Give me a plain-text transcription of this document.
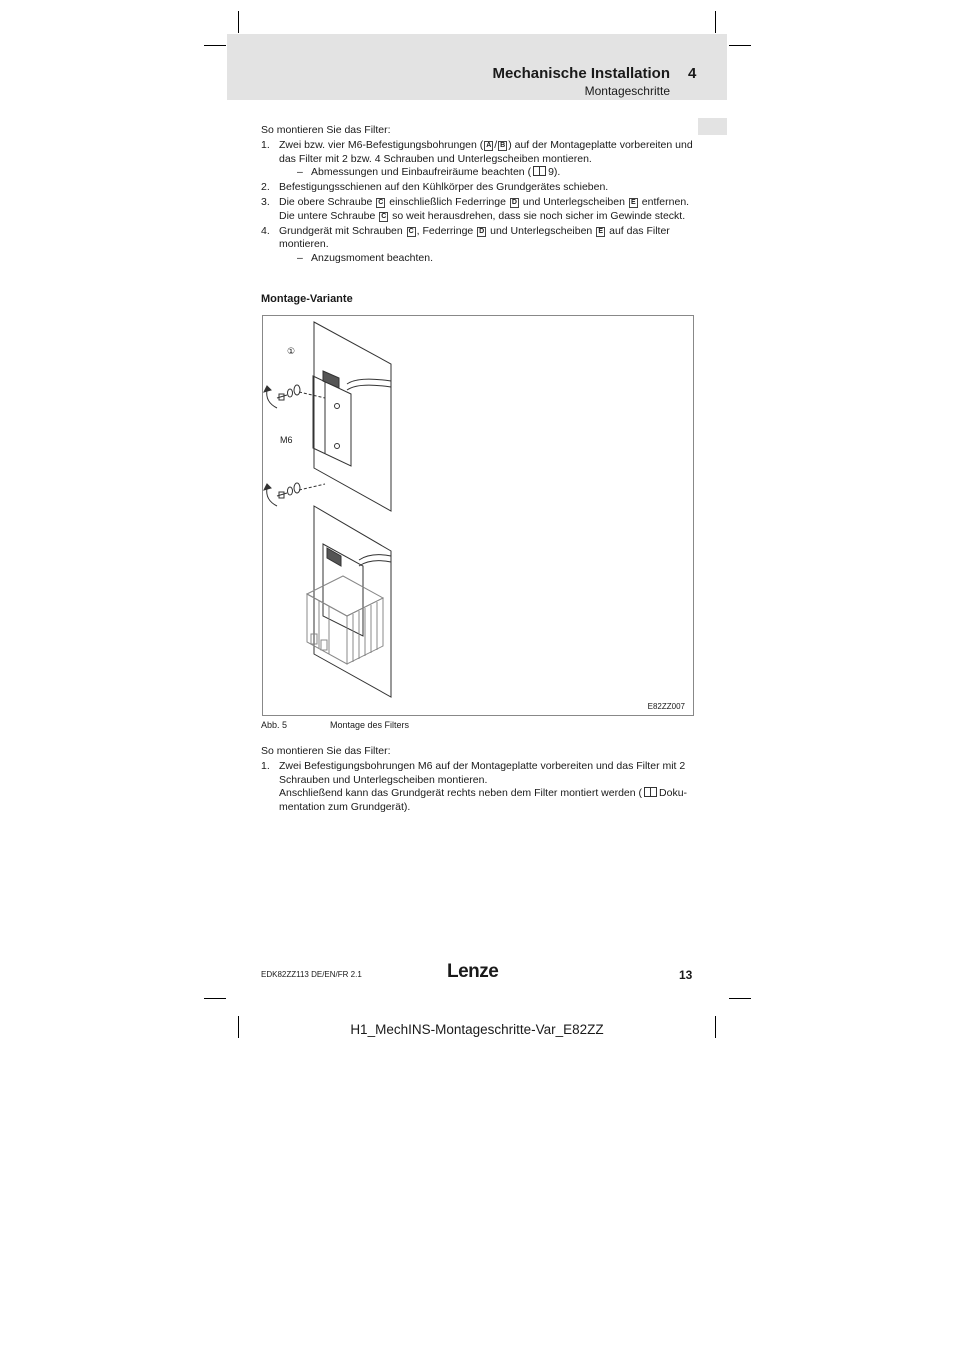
Mechanische Installation 4
Montageschritte
So montieren Sie das Filter:
1. Zwei bzw. vier M6-Befestigungsbohrungen ( A / B ) auf der Montageplatte vorbereiten und das Filter mit 2 bzw. 4 Schrauben und Unterlegscheiben montieren.
– Abmessungen und Einbaufreiräume beachten ( 9).
2. Befestigungsschienen auf den Kühlkörper des Grundgerätes schieben.
3. Die obere Schraube C einschließlich Federringe D und Unterlegscheiben E entfernen. Die untere Schraube C so weit herausdrehen, dass sie noch sicher im Gewinde steckt.
4. Grundgerät mit Schrauben C , Federringe D und Unterlegscheiben E auf das Filter montieren.
– Anzugsmoment beachten.
Montage-Variante
①
M6
E82ZZ007
Abb. 5	Montage des Filters
So montieren Sie das Filter:
1. Zwei Befestigungsbohrungen M6 auf der Montageplatte vorbereiten und das Filter mit 2 Schrauben und Unterlegscheiben montieren.
Anschließend kann das Grundgerät rechts neben dem Filter montiert werden ( Doku-mentation zum Grundgerät).
EDK82ZZ113 DE/EN/FR 2.1	Lenze	13
H1_MechINS-Montageschritte-Var_E82ZZ
